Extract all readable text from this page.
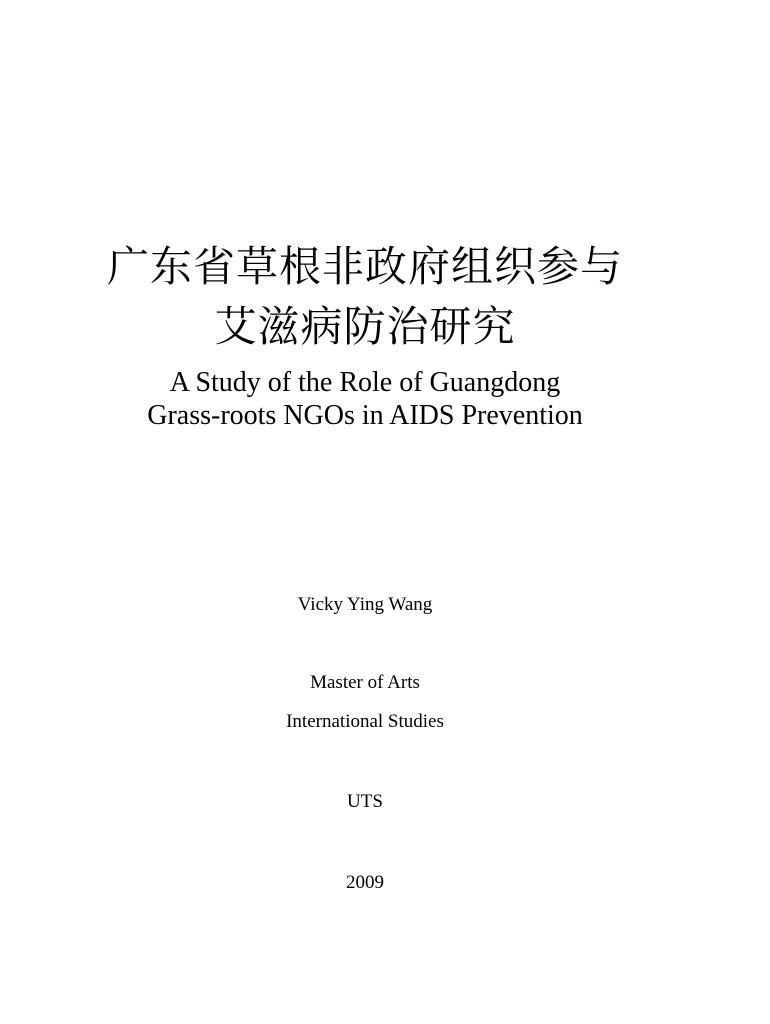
广东省草根非政府组织参与
艾滋病防治研究
A Study of the Role of Guangdong
Grass-roots NGOs in AIDS Prevention
Vicky Ying Wang
Master of Arts
International Studies
UTS
2009
